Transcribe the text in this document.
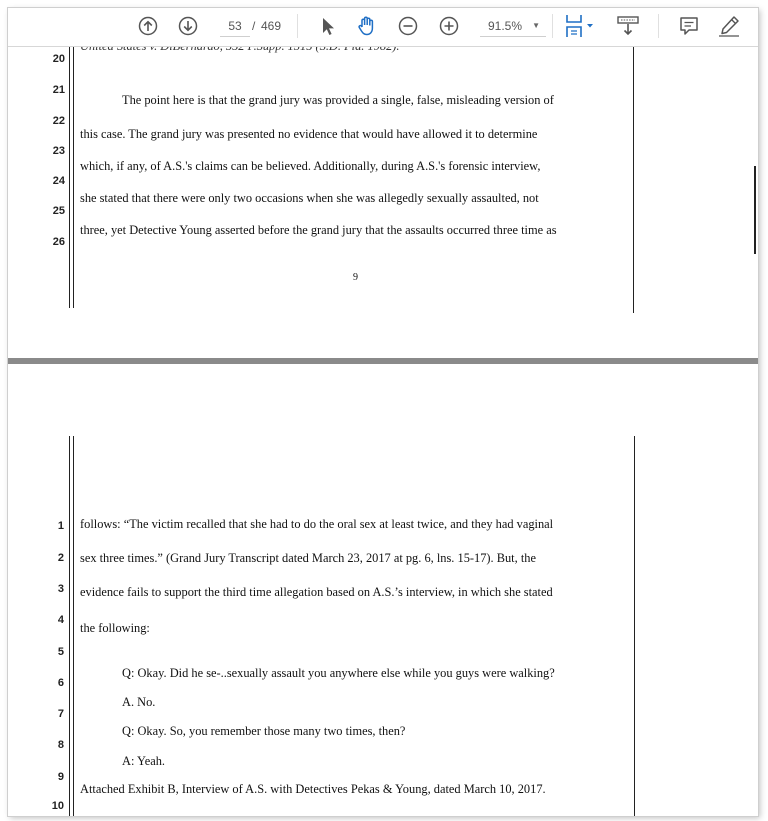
53 / 469	91.5% ▼
20
21
22
23
24
25
26
The point here is that the grand jury was provided a single, false, misleading version of
this case. The grand jury was presented no evidence that would have allowed it to determine
which, if any, of A.S.'s claims can be believed. Additionally, during A.S.'s forensic interview,
she stated that there were only two occasions when she was allegedly sexually assaulted, not
three, yet Detective Young asserted before the grand jury that the assaults occurred three time as
9
1
2
3
4
5
6
7
8
9
10
follows: “The victim recalled that she had to do the oral sex at least twice, and they had vaginal
sex three times.” (Grand Jury Transcript dated March 23, 2017 at pg. 6, lns. 15-17). But, the
evidence fails to support the third time allegation based on A.S.’s interview, in which she stated
the following:
Q: Okay. Did he se-..sexually assault you anywhere else while you guys were walking?
A. No.
Q: Okay. So, you remember those many two times, then?
A: Yeah.
Attached Exhibit B, Interview of A.S. with Detectives Pekas & Young, dated March 10, 2017.
